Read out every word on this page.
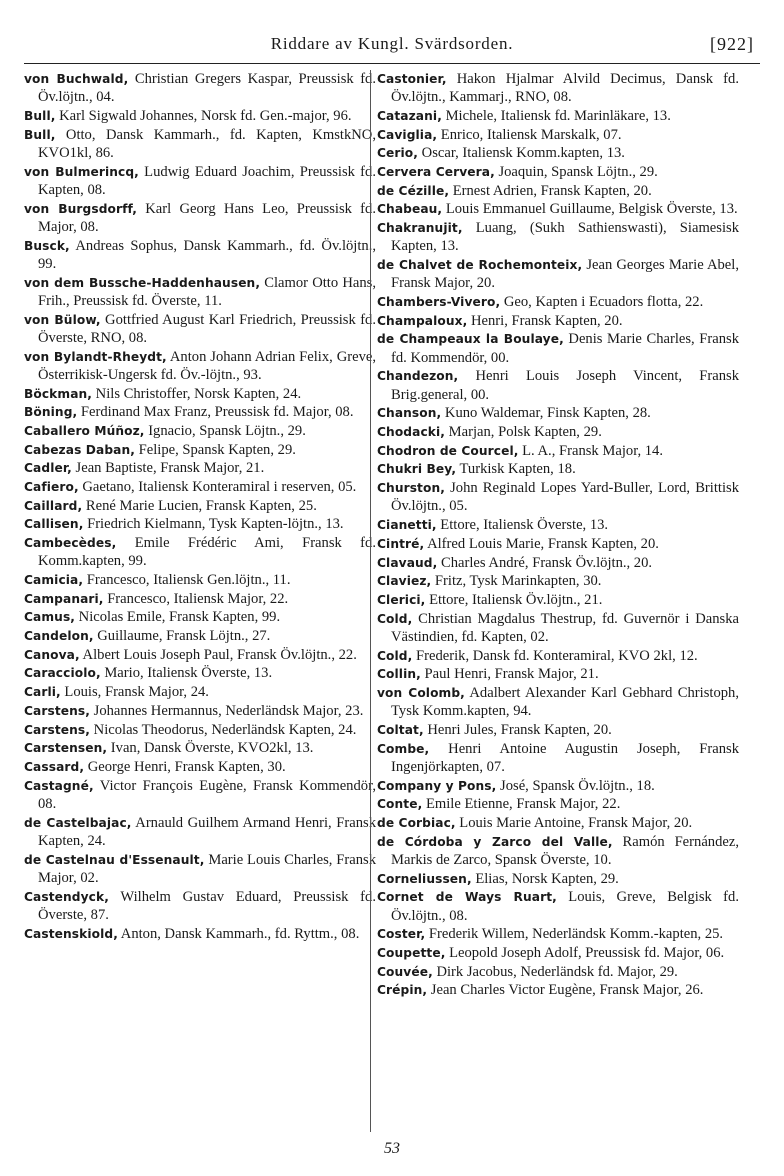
Riddare av Kungl. Svärdsorden.	[922]

von Buchwald, Christian Gregers Kaspar, Preussisk fd. Öv.löjtn., 04.

Bull, Karl Sigwald Johannes, Norsk fd. Gen.-major, 96.

Bull, Otto, Dansk Kammarh., fd. Kapten, KmstkNO, KVO1kl, 86.

von Bulmerincq, Ludwig Eduard Joachim, Preussisk fd. Kapten, 08.

von Burgsdorff, Karl Georg Hans Leo, Preussisk fd. Major, 08.

Busck, Andreas Sophus, Dansk Kammarh., fd. Öv.löjtn., 99.

von dem Bussche-Haddenhausen, Clamor Otto Hans, Frih., Preussisk fd. Överste, 11.

von Bülow, Gottfried August Karl Friedrich, Preussisk fd. Överste, RNO, 08.

von Bylandt-Rheydt, Anton Johann Adrian Felix, Greve, Österrikisk-Ungersk fd. Öv.-löjtn., 93.

Böckman, Nils Christoffer, Norsk Kapten, 24.

Böning, Ferdinand Max Franz, Preussisk fd. Major, 08.

Caballero Múñoz, Ignacio, Spansk Löjtn., 29.

Cabezas Daban, Felipe, Spansk Kapten, 29.

Cadler, Jean Baptiste, Fransk Major, 21.

Cafiero, Gaetano, Italiensk Konteramiral i reserven, 05.

Caillard, René Marie Lucien, Fransk Kapten, 25.

Callisen, Friedrich Kielmann, Tysk Kapten-löjtn., 13.

Cambecèdes, Emile Frédéric Ami, Fransk fd. Komm.kapten, 99.

Camicia, Francesco, Italiensk Gen.löjtn., 11.

Campanari, Francesco, Italiensk Major, 22.

Camus, Nicolas Emile, Fransk Kapten, 99.

Candelon, Guillaume, Fransk Löjtn., 27.

Canova, Albert Louis Joseph Paul, Fransk Öv.löjtn., 22.

Caracciolo, Mario, Italiensk Överste, 13.

Carli, Louis, Fransk Major, 24.

Carstens, Johannes Hermannus, Nederländsk Major, 23.

Carstens, Nicolas Theodorus, Nederländsk Kapten, 24.

Carstensen, Ivan, Dansk Överste, KVO2kl, 13.

Cassard, George Henri, Fransk Kapten, 30.

Castagné, Victor François Eugène, Fransk Kommendör, 08.

de Castelbajac, Arnauld Guilhem Armand Henri, Fransk Kapten, 24.

de Castelnau d'Essenault, Marie Louis Charles, Fransk Major, 02.

Castendyck, Wilhelm Gustav Eduard, Preussisk fd. Överste, 87.

Castenskiold, Anton, Dansk Kammarh., fd. Ryttm., 08.

Castonier, Hakon Hjalmar Alvild Decimus, Dansk fd. Öv.löjtn., Kammarj., RNO, 08.

Catazani, Michele, Italiensk fd. Marinläkare, 13.

Caviglia, Enrico, Italiensk Marskalk, 07.

Cerio, Oscar, Italiensk Komm.kapten, 13.

Cervera Cervera, Joaquin, Spansk Löjtn., 29.

de Cézille, Ernest Adrien, Fransk Kapten, 20.

Chabeau, Louis Emmanuel Guillaume, Belgisk Överste, 13.

Chakranujit, Luang, (Sukh Sathienswasti), Siamesisk Kapten, 13.

de Chalvet de Rochemonteix, Jean Georges Marie Abel, Fransk Major, 20.

Chambers-Vivero, Geo, Kapten i Ecuadors flotta, 22.

Champaloux, Henri, Fransk Kapten, 20.

de Champeaux la Boulaye, Denis Marie Charles, Fransk fd. Kommendör, 00.

Chandezon, Henri Louis Joseph Vincent, Fransk Brig.general, 00.

Chanson, Kuno Waldemar, Finsk Kapten, 28.

Chodacki, Marjan, Polsk Kapten, 29.

Chodron de Courcel, L. A., Fransk Major, 14.

Chukri Bey, Turkisk Kapten, 18.

Churston, John Reginald Lopes Yard-Buller, Lord, Brittisk Öv.löjtn., 05.

Cianetti, Ettore, Italiensk Överste, 13.

Cintré, Alfred Louis Marie, Fransk Kapten, 20.

Clavaud, Charles André, Fransk Öv.löjtn., 20.

Claviez, Fritz, Tysk Marinkapten, 30.

Clerici, Ettore, Italiensk Öv.löjtn., 21.

Cold, Christian Magdalus Thestrup, fd. Guvernör i Danska Västindien, fd. Kapten, 02.

Cold, Frederik, Dansk fd. Konteramiral, KVO 2kl, 12.

Collin, Paul Henri, Fransk Major, 21.

von Colomb, Adalbert Alexander Karl Gebhard Christoph, Tysk Komm.kapten, 94.

Coltat, Henri Jules, Fransk Kapten, 20.

Combe, Henri Antoine Augustin Joseph, Fransk Ingenjörkapten, 07.

Company y Pons, José, Spansk Öv.löjtn., 18.

Conte, Emile Etienne, Fransk Major, 22.

de Corbiac, Louis Marie Antoine, Fransk Major, 20.

de Córdoba y Zarco del Valle, Ramón Fernández, Markis de Zarco, Spansk Överste, 10.

Corneliussen, Elias, Norsk Kapten, 29.

Cornet de Ways Ruart, Louis, Greve, Belgisk fd. Öv.löjtn., 08.

Coster, Frederik Willem, Nederländsk Komm.-kapten, 25.

Coupette, Leopold Joseph Adolf, Preussisk fd. Major, 06.

Couvée, Dirk Jacobus, Nederländsk fd. Major, 29.

Crépin, Jean Charles Victor Eugène, Fransk Major, 26.

53
